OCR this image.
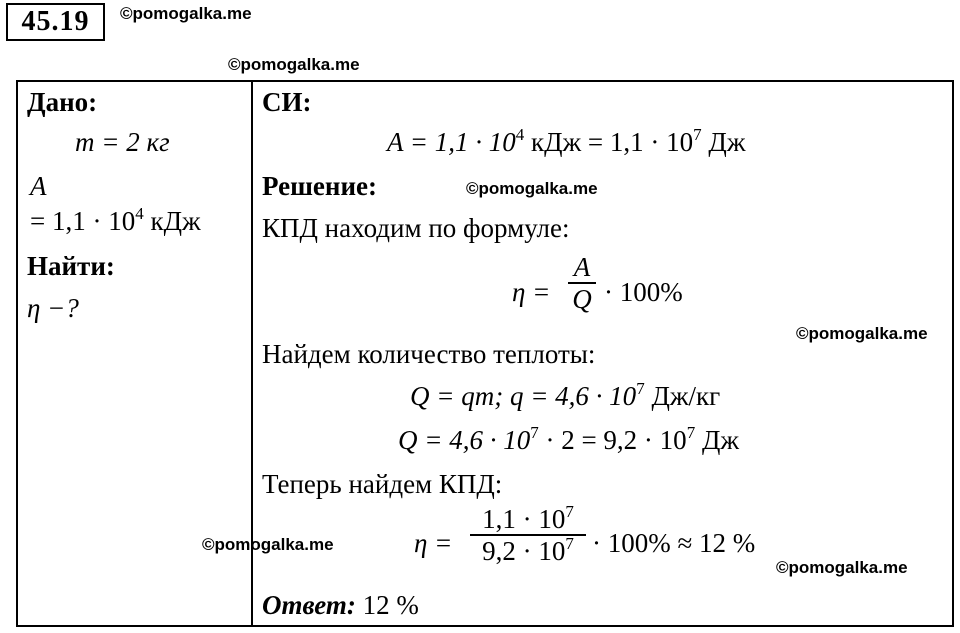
45.19	©pomogalka.me
Дано:
m = 2 кг
A
= $1,1 \cdot 10^4$ кДж
Найти:
η −?
СИ:
$A = 1,1 \cdot 10^4$ кДж = $1,1 \cdot 10^7$ Дж
Решение:
КПД находим по формуле:
$\eta = \frac{A}{Q} \cdot 100\%$
Найдем количество теплоты:
Q = qm; $q = 4,6 \cdot 10^7$ Дж/кг
$Q = 4,6 \cdot 10^7 \cdot 2 = 9,2 \cdot 10^7$ Дж
Теперь найдем КПД:
$\eta = \frac{1,1 \cdot 10^7}{9,2 \cdot 10^7} \cdot 100\% \approx 12$ %
Ответ: 12 %
©pomogalka.me
©pomogalka.me
©pomogalka.me
©pomogalka.me
©pomogalka.me
